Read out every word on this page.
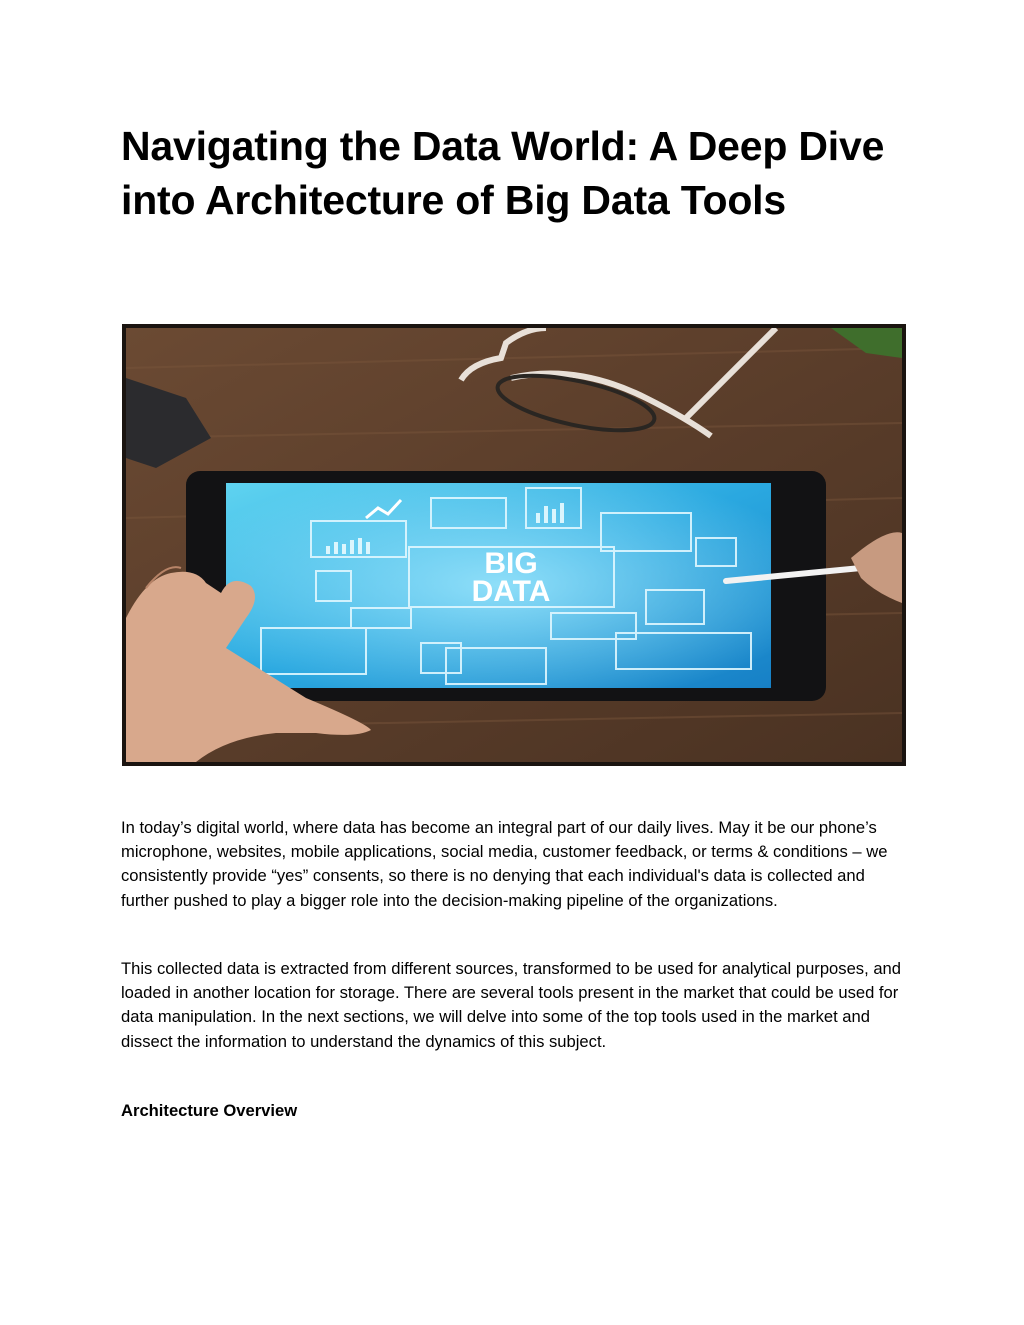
Navigating the Data World: A Deep Dive into Architecture of Big Data Tools
BIG
DATA

In today’s digital world, where data has become an integral part of our daily lives. May it be our phone’s microphone, websites, mobile applications, social media, customer feedback, or terms & conditions – we consistently provide “yes” consents, so there is no denying that each individual's data is collected and further pushed to play a bigger role into the decision-making pipeline of the organizations.

This collected data is extracted from different sources, transformed to be used for analytical purposes, and loaded in another location for storage. There are several tools present in the market that could be used for data manipulation. In the next sections, we will delve into some of the top tools used in the market and dissect the information to understand the dynamics of this subject.

Architecture Overview
